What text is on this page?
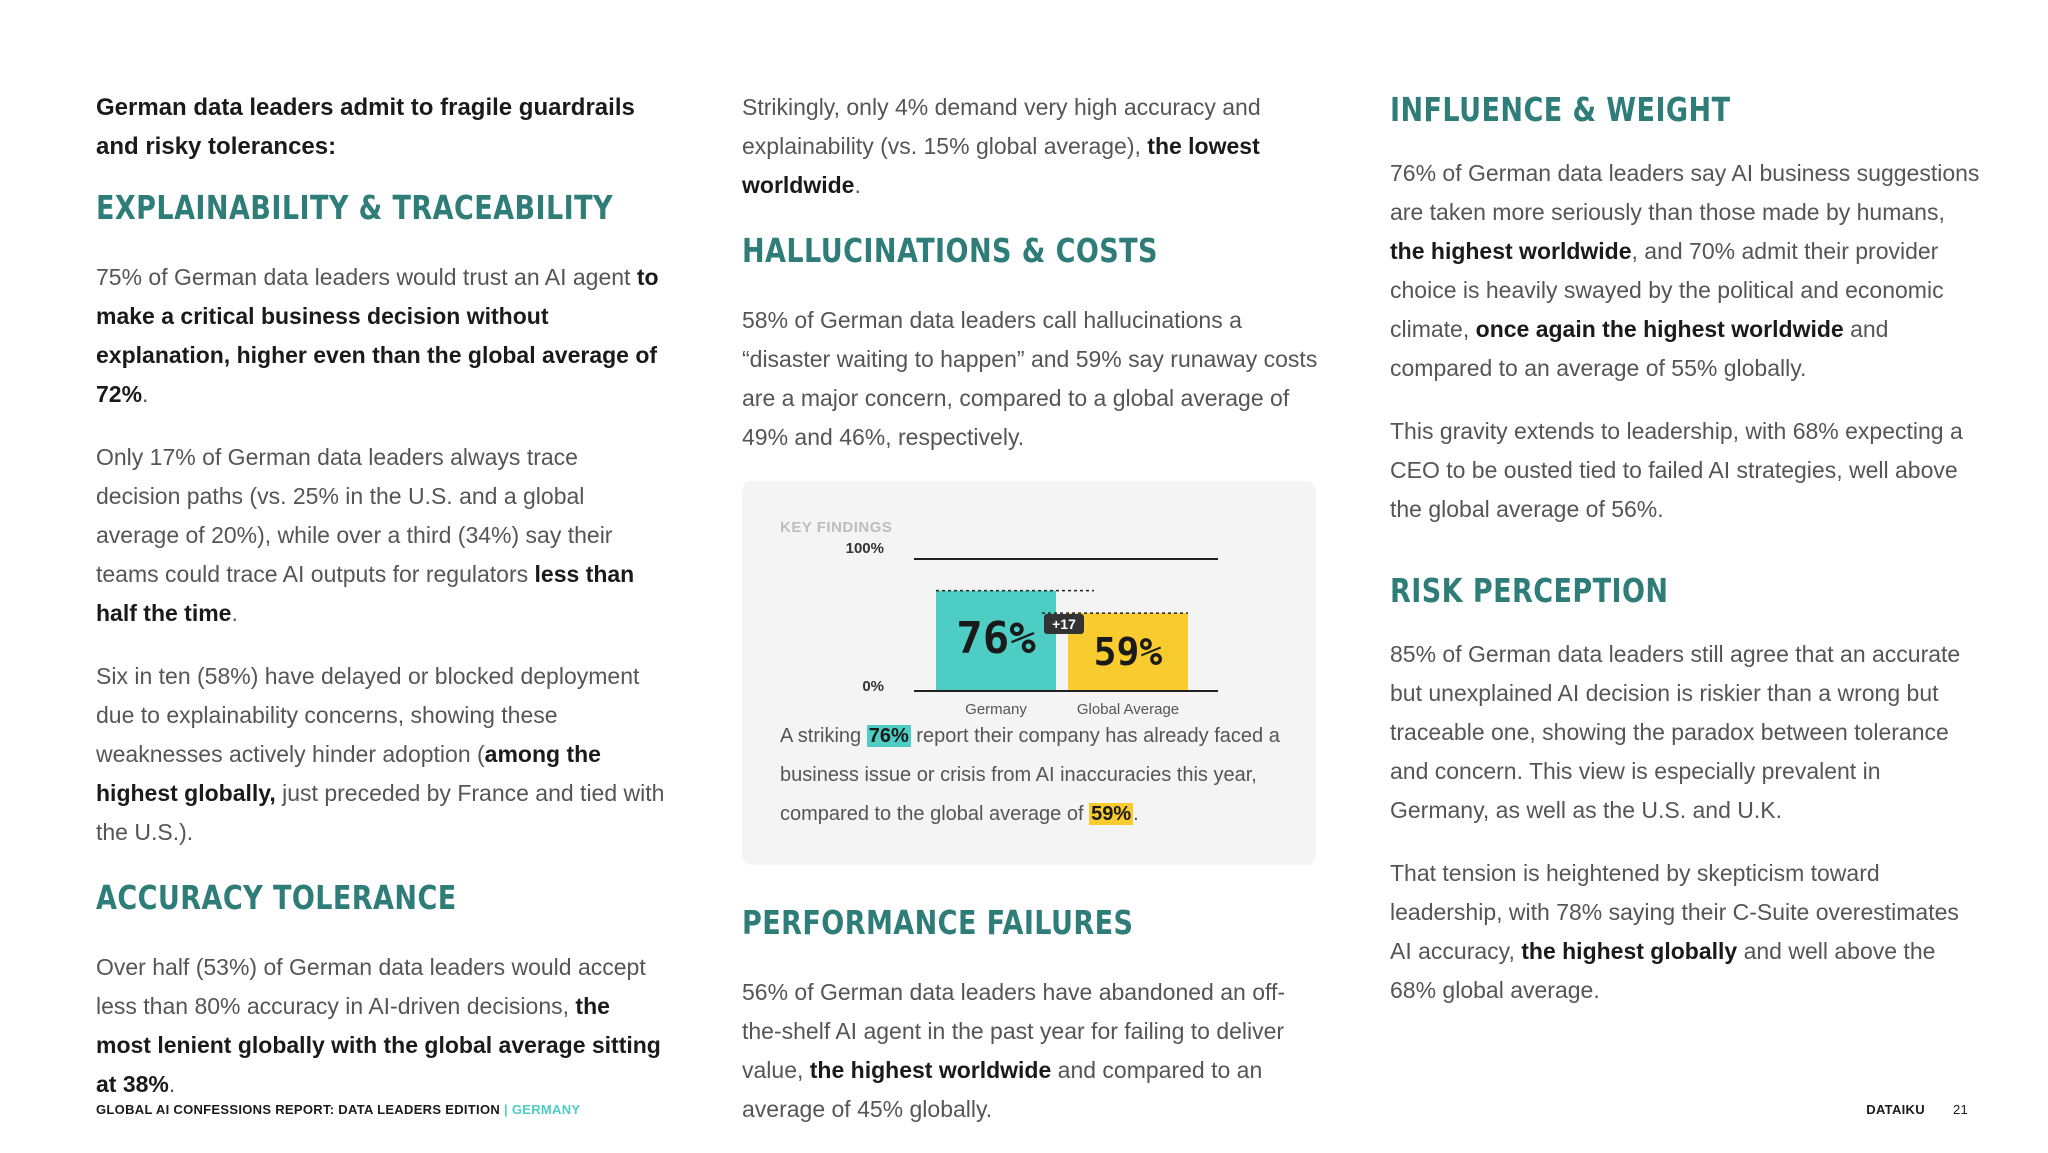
German data leaders admit to fragile guardrails and risky tolerances:

EXPLAINABILITY & TRACEABILITY

75% of German data leaders would trust an AI agent to make a critical business decision without explanation, higher even than the global average of 72%.

Only 17% of German data leaders always trace decision paths (vs. 25% in the U.S. and a global average of 20%), while over a third (34%) say their teams could trace AI outputs for regulators less than half the time.

Six in ten (58%) have delayed or blocked deployment due to explainability concerns, showing these weaknesses actively hinder adoption (among the highest globally, just preceded by France and tied with the U.S.).

ACCURACY TOLERANCE

Over half (53%) of German data leaders would accept less than 80% accuracy in AI-driven decisions, the most lenient globally with the global average sitting at 38%.

Strikingly, only 4% demand very high accuracy and explainability (vs. 15% global average), the lowest worldwide.

HALLUCINATIONS & COSTS

58% of German data leaders call hallucinations a “disaster waiting to happen” and 59% say runaway costs are a major concern, compared to a global average of 49% and 46%, respectively.

KEY FINDINGS
100%
0%
+17
76% 59%
Germany	Global Average
A striking 76% report their company has already faced a business issue or crisis from AI inaccuracies this year, compared to the global average of 59% .
PERFORMANCE FAILURES

56% of German data leaders have abandoned an off-the-shelf AI agent in the past year for failing to deliver value, the highest worldwide and compared to an average of 45% globally.

INFLUENCE & WEIGHT

76% of German data leaders say AI business suggestions are taken more seriously than those made by humans, the highest worldwide, and 70% admit their provider choice is heavily swayed by the political and economic climate, once again the highest worldwide and compared to an average of 55% globally.

This gravity extends to leadership, with 68% expecting a CEO to be ousted tied to failed AI strategies, well above the global average of 56%.

RISK PERCEPTION

85% of German data leaders still agree that an accurate but unexplained AI decision is riskier than a wrong but traceable one, showing the paradox between tolerance and concern. This view is especially prevalent in Germany, as well as the U.S. and U.K.

That tension is heightened by skepticism toward leadership, with 78% saying their C-Suite overestimates AI accuracy, the highest globally and well above the 68% global average.

GLOBAL AI CONFESSIONS REPORT: DATA LEADERS EDITION | GERMANY	DATAIKU 21
